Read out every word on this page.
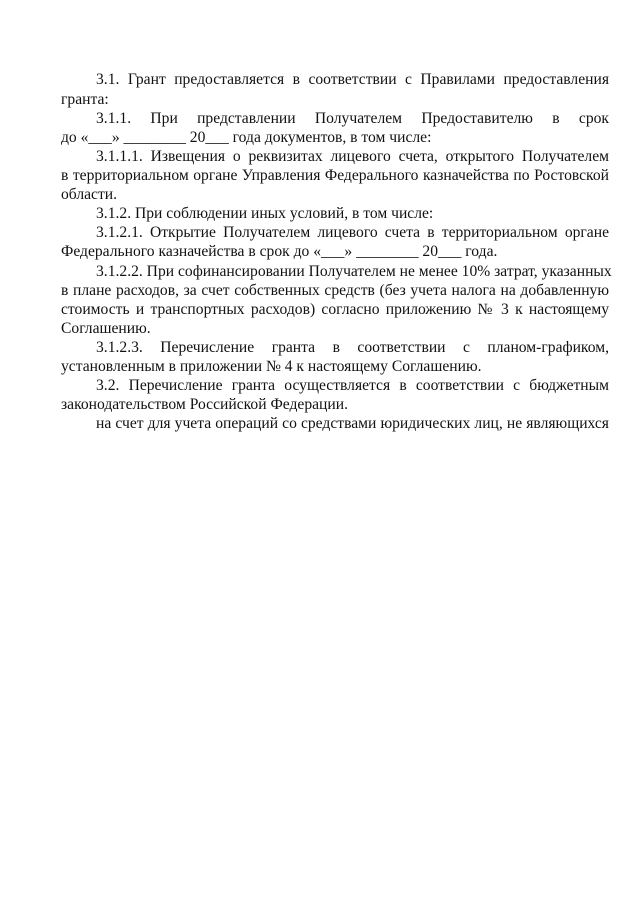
3.1. Грант предоставляется в соответствии с Правилами предоставления
гранта:
3.1.1. При представлении Получателем Предоставителю в срок
до «___» ________ 20___ года документов, в том числе:
3.1.1.1. Извещения о реквизитах лицевого счета, открытого Получателем
в территориальном органе Управления Федерального казначейства по Ростовской
области.
3.1.2. При соблюдении иных условий, в том числе:
3.1.2.1. Открытие Получателем лицевого счета в территориальном органе
Федерального казначейства в срок до «___» ________ 20___ года.
3.1.2.2. При софинансировании Получателем не менее 10% затрат, указанных
в плане расходов, за счет собственных средств (без учета налога на добавленную
стоимость и транспортных расходов) согласно приложению № 3 к настоящему
Соглашению.
3.1.2.3. Перечисление гранта в соответствии с планом-графиком,
установленным в приложении № 4 к настоящему Соглашению.
3.2. Перечисление гранта осуществляется в соответствии с бюджетным
законодательством Российской Федерации.
на счет для учета операций со средствами юридических лиц, не являющихся
